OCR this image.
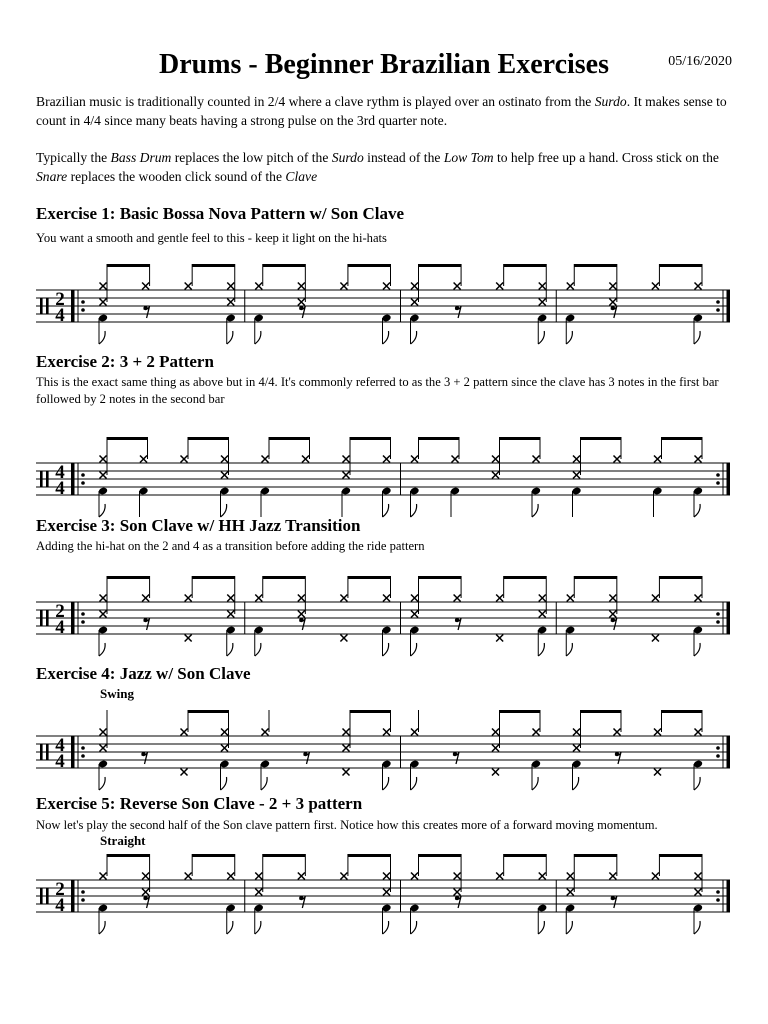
Drums - Beginner Brazilian Exercises	05/16/2020

Brazilian music is traditionally counted in 2/4 where a clave rythm is played over an ostinato from the Surdo. It makes sense to count in 4/4 since many beats having a strong pulse on the 3rd quarter note.

Typically the Bass Drum replaces the low pitch of the Surdo instead of the Low Tom to help free up a hand. Cross stick on the Snare replaces the wooden click sound of the Clave

Exercise 1: Basic Bossa Nova Pattern w/ Son Clave

You want a smooth and gentle feel to this - keep it light on the hi-hats

2
4
Exercise 2: 3 + 2 Pattern

This is the exact same thing as above but in 4/4. It's commonly referred to as the 3 + 2 pattern since the clave has 3 notes in the first bar followed by 2 notes in the second bar

4
4
Exercise 3: Son Clave w/ HH Jazz Transition

Adding the hi-hat on the 2 and 4 as a transition before adding the ride pattern

2
4
Exercise 4: Jazz w/ Son Clave
Swing
4
4
Exercise 5: Reverse Son Clave - 2 + 3 pattern

Now let's play the second half of the Son clave pattern first. Notice how this creates more of a forward moving momentum.

Straight
2
4
